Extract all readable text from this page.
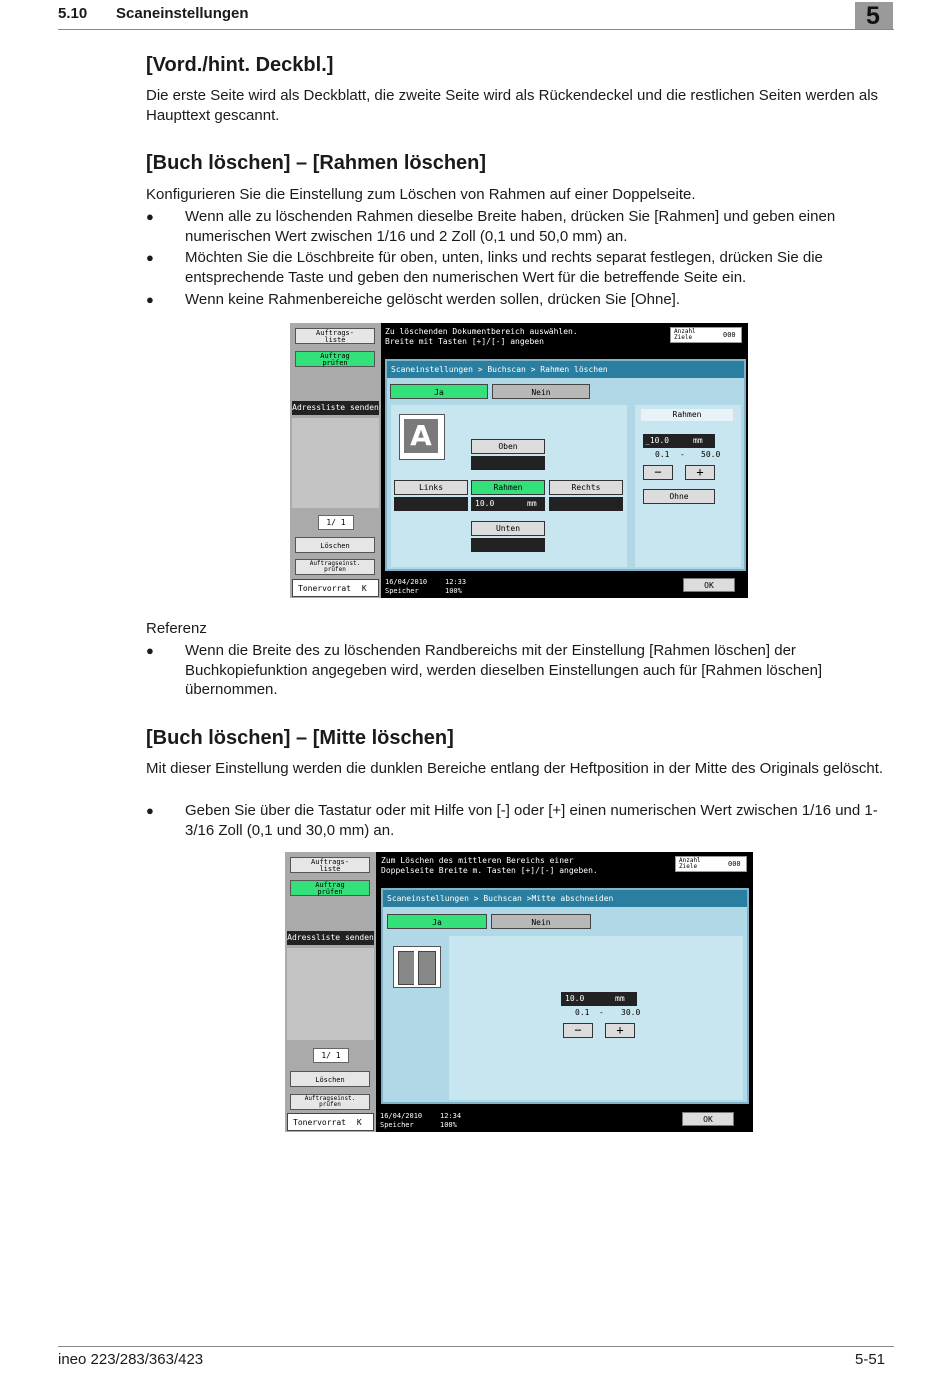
5.10 Scaneinstellungen	5
[Vord./hint. Deckbl.]

Die erste Seite wird als Deckblatt, die zweite Seite wird als Rückendeckel und die restlichen Seiten werden als Haupttext gescannt.

[Buch löschen] – [Rahmen löschen]

Konfigurieren Sie die Einstellung zum Löschen von Rahmen auf einer Doppelseite.

● Wenn alle zu löschenden Rahmen dieselbe Breite haben, drücken Sie [Rahmen] und geben einen numerischen Wert zwischen 1/16 und 2 Zoll (0,1 und 50,0 mm) an.
● Möchten Sie die Löschbreite für oben, unten, links und rechts separat festlegen, drücken Sie die entsprechende Taste und geben den numerischen Wert für die betreffende Seite ein.
● Wenn keine Rahmenbereiche gelöscht werden sollen, drücken Sie [Ohne].
Auftrags-
liste
Auftrag
prüfen
Adressliste senden
1/ 1
Löschen
Auftragseinst.
prüfen
Tonervorrat K
Zu löschenden Dokumentbereich auswählen.
Breite mit Tasten [+]/[-] angeben
Anzahl
Ziele	000
Scaneinstellungen > Buchscan > Rahmen löschen
Ja	Nein
A	Oben
Links	Rahmen
10.0	mm
Rechts
Unten
Rahmen
_10.0	mm
0.1 - 50.0
−	+
Ohne
16/04/2010	12:33
Speicher	100%
OK

Referenz

● Wenn die Breite des zu löschenden Randbereichs mit der Einstellung [Rahmen löschen] der Buchkopiefunktion angegeben wird, werden dieselben Einstellungen auch für [Rahmen löschen] übernommen.
[Buch löschen] – [Mitte löschen]

Mit dieser Einstellung werden die dunklen Bereiche entlang der Heftposition in der Mitte des Originals gelöscht.

● Geben Sie über die Tastatur oder mit Hilfe von [-] oder [+] einen numerischen Wert zwischen 1/16 und 1-3/16 Zoll (0,1 und 30,0 mm) an.
Auftrags-
liste
Auftrag
prüfen
Adressliste senden
1/ 1
Löschen
Auftragseinst.
prüfen
Tonervorrat K
Zum Löschen des mittleren Bereichs einer
Doppelseite Breite m. Tasten [+]/[-] angeben.
Anzahl
Ziele	000
Scaneinstellungen > Buchscan >Mitte abschneiden
Ja	Nein
10.0	mm
0.1 - 30.0
−	+
16/04/2010	12:34
Speicher	100%
OK
ineo 223/283/363/423	5-51
